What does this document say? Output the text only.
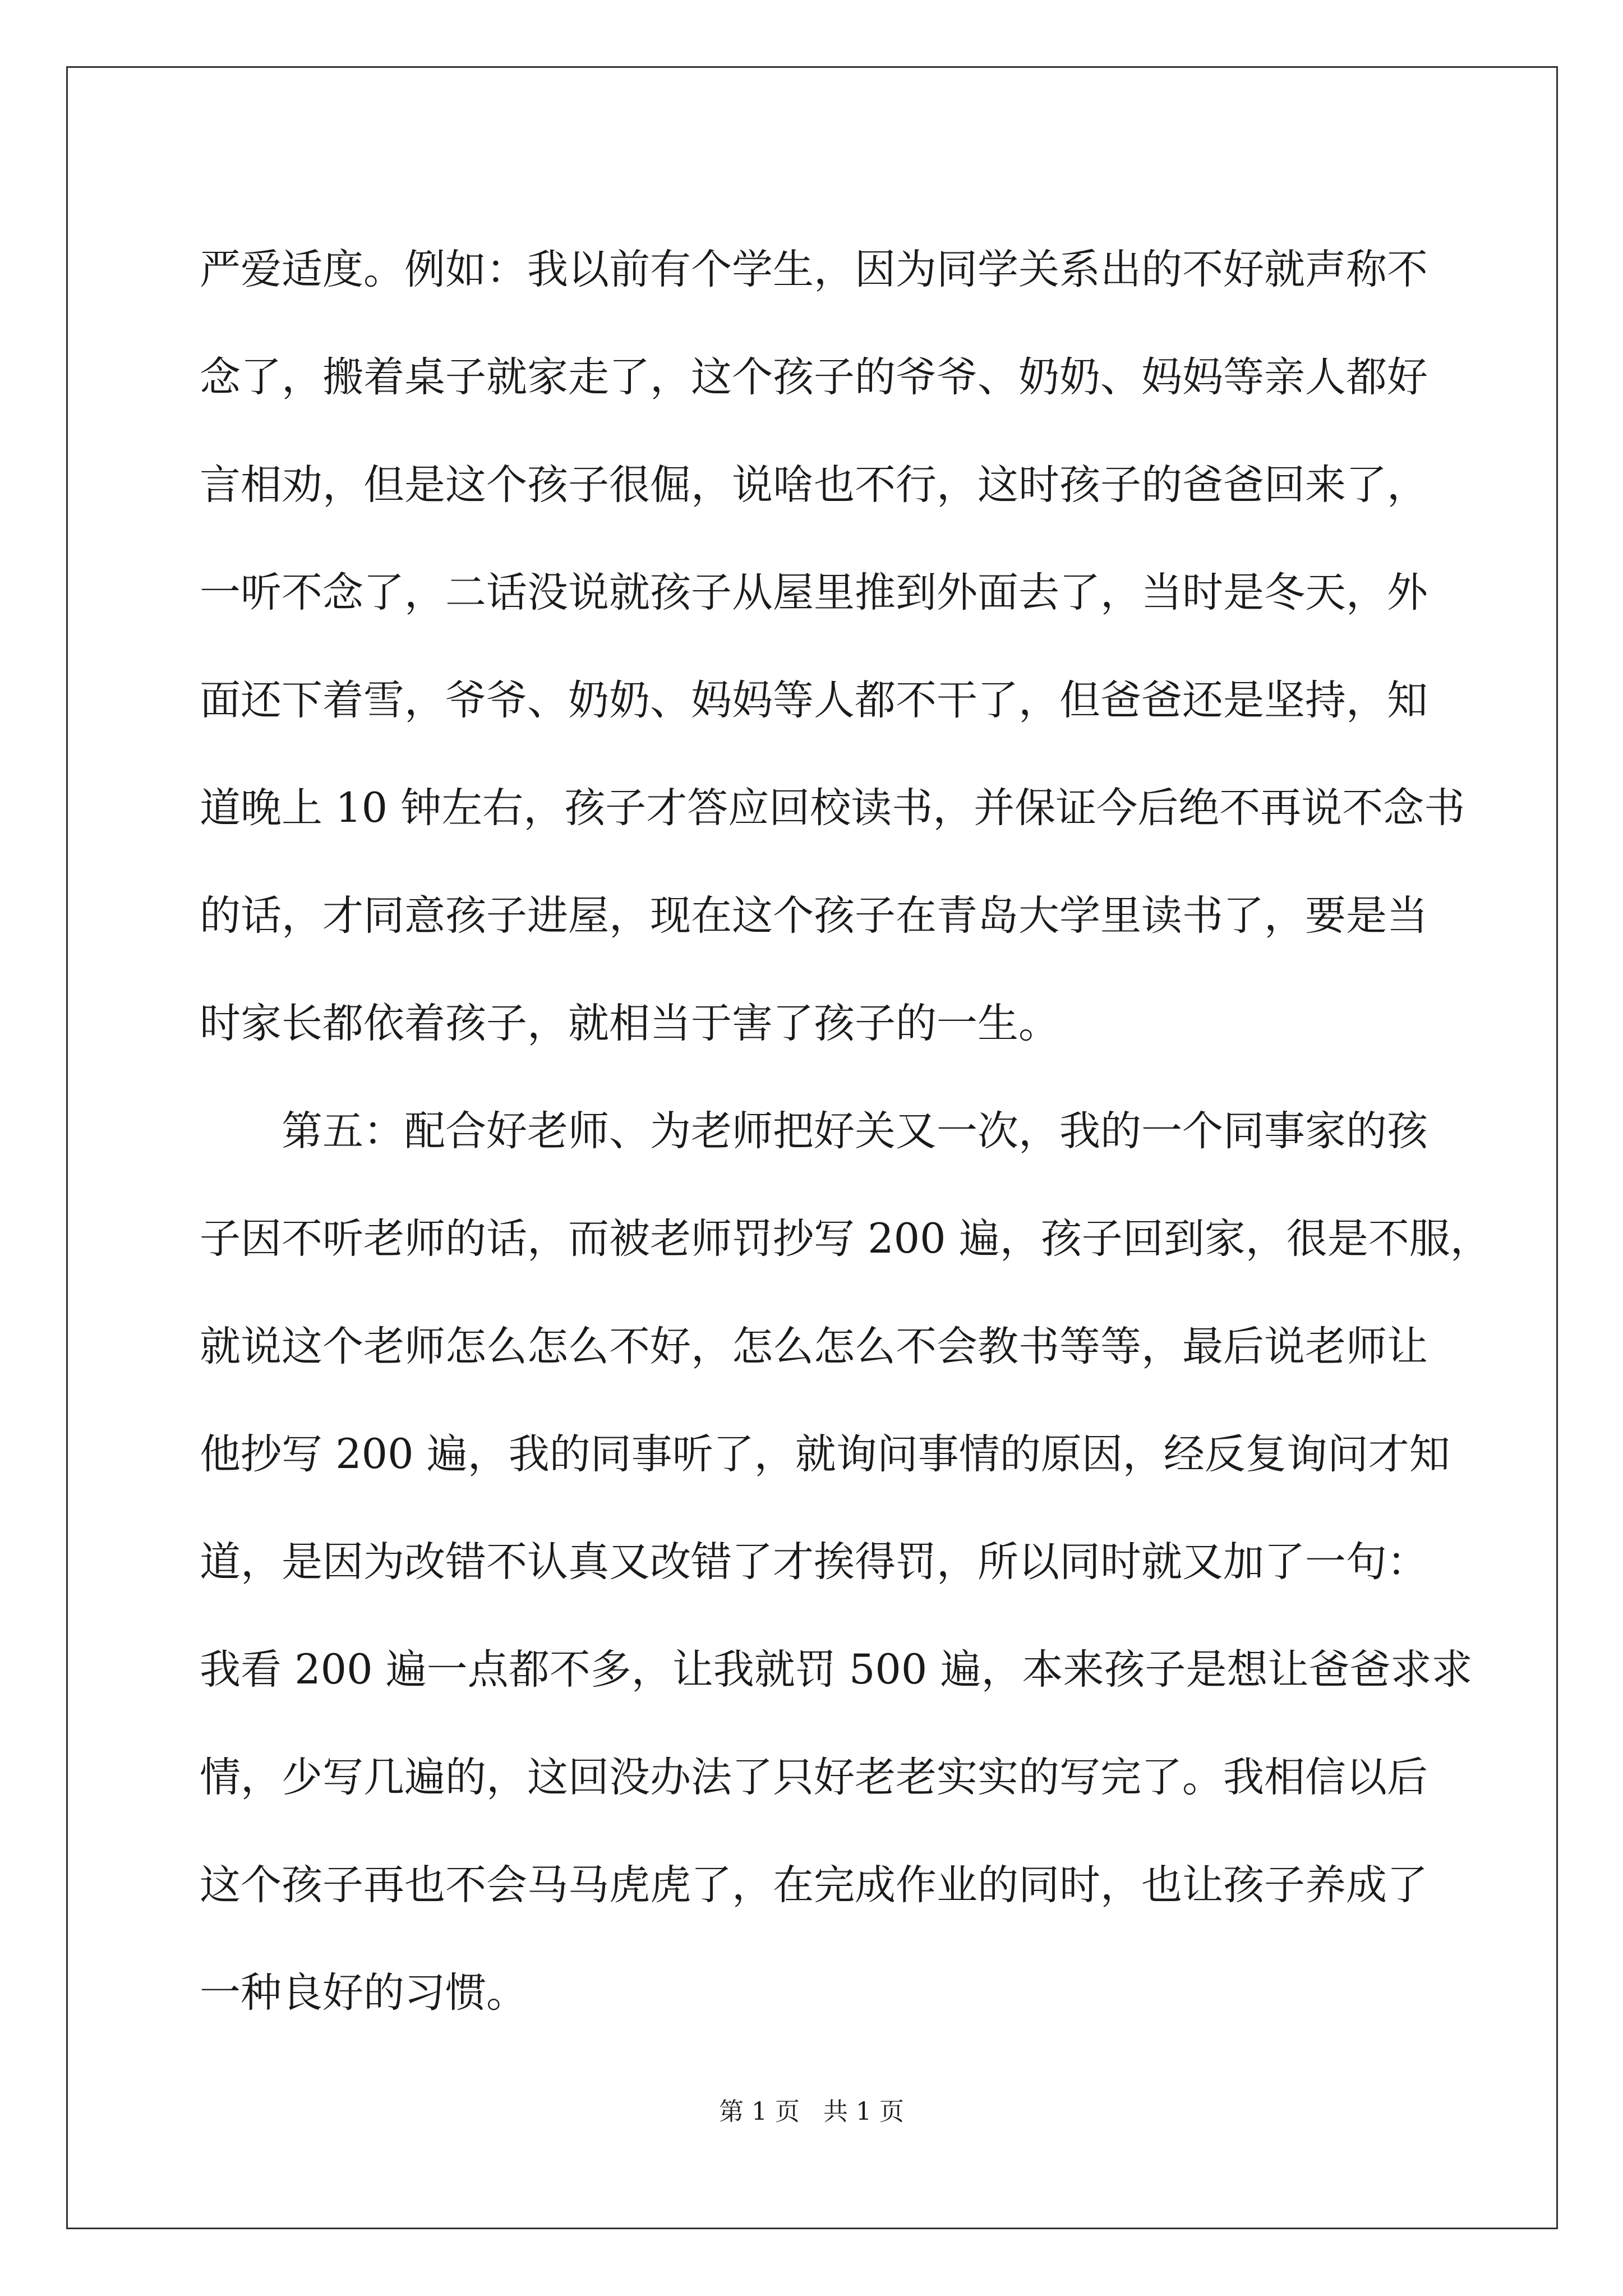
严爱适度。例如：我以前有个学生，因为同学关系出的不好就声称不
念了，搬着桌子就家走了，这个孩子的爷爷、奶奶、妈妈等亲人都好
言相劝，但是这个孩子很倔，说啥也不行，这时孩子的爸爸回来了，
一听不念了，二话没说就孩子从屋里推到外面去了，当时是冬天，外
面还下着雪，爷爷、奶奶、妈妈等人都不干了，但爸爸还是坚持，知
道晚上 10 钟左右，孩子才答应回校读书，并保证今后绝不再说不念书
的话，才同意孩子进屋，现在这个孩子在青岛大学里读书了，要是当
时家长都依着孩子，就相当于害了孩子的一生。
第五：配合好老师、为老师把好关又一次，我的一个同事家的孩
子因不听老师的话，而被老师罚抄写 200 遍，孩子回到家，很是不服，
就说这个老师怎么怎么不好，怎么怎么不会教书等等，最后说老师让
他抄写 200 遍，我的同事听了，就询问事情的原因，经反复询问才知
道，是因为改错不认真又改错了才挨得罚，所以同时就又加了一句：
我看 200 遍一点都不多，让我就罚 500 遍，本来孩子是想让爸爸求求
情，少写几遍的，这回没办法了只好老老实实的写完了。我相信以后
这个孩子再也不会马马虎虎了，在完成作业的同时，也让孩子养成了
一种良好的习惯。
第 1 页   共 1 页
